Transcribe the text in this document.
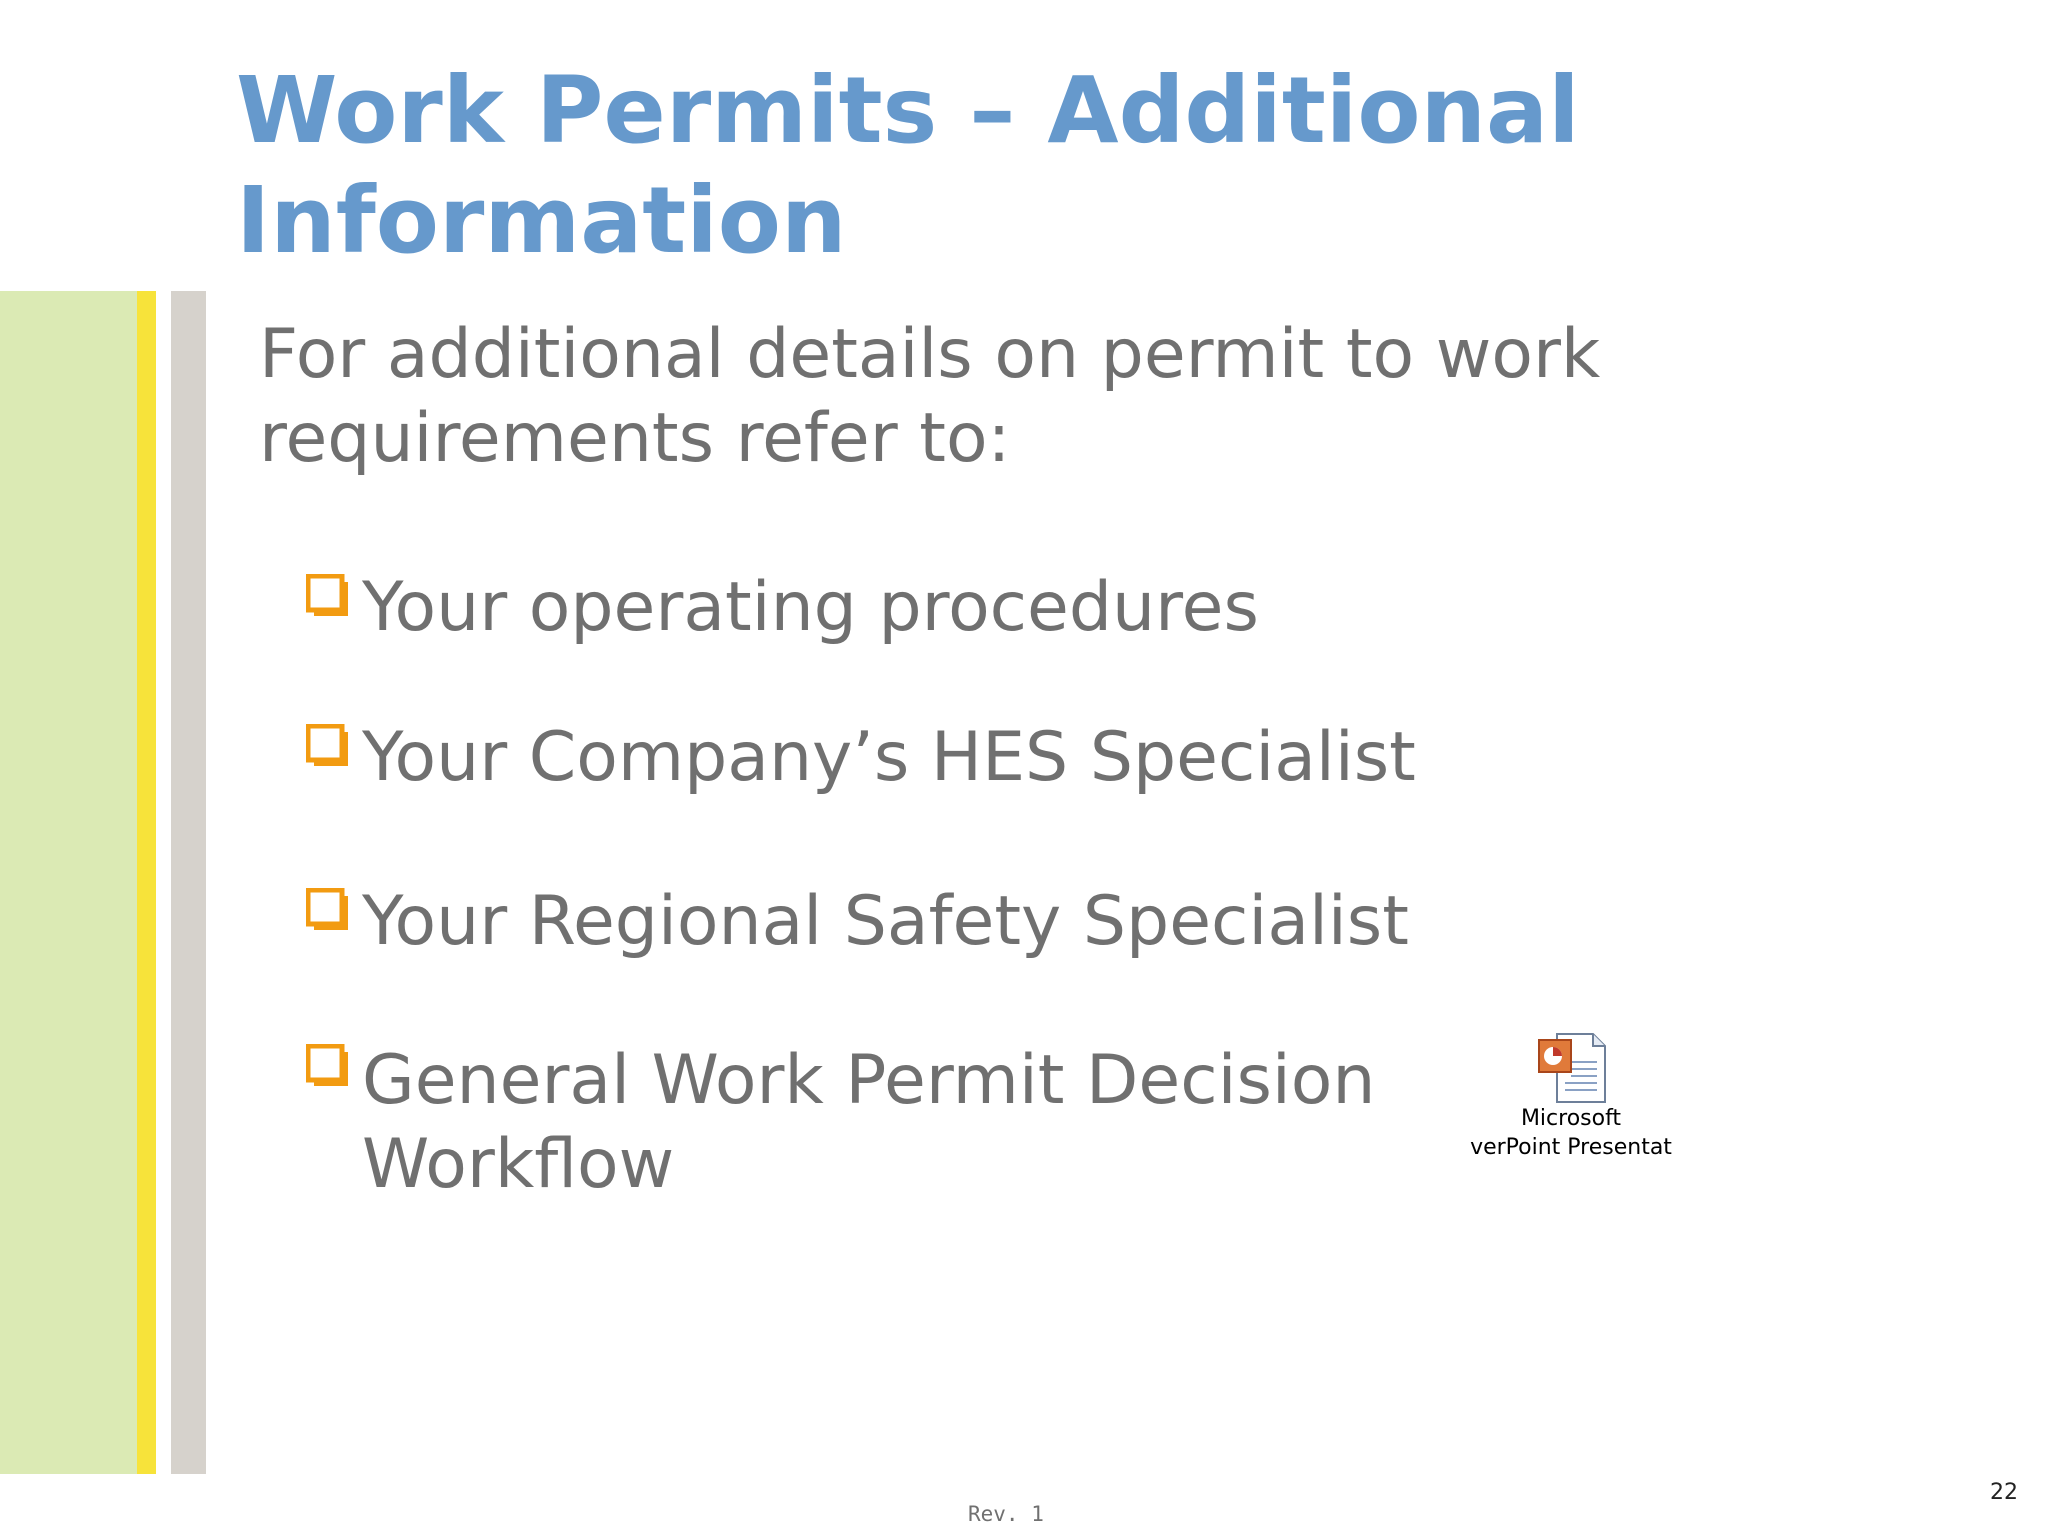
Work Permits – Additional Information

For additional details on permit to work requirements refer to:

Your operating procedures
Your Company’s HES Specialist
Your Regional Safety Specialist
General Work Permit Decision Workflow
Microsoft
verPoint Presentat
Rev. 1
22
